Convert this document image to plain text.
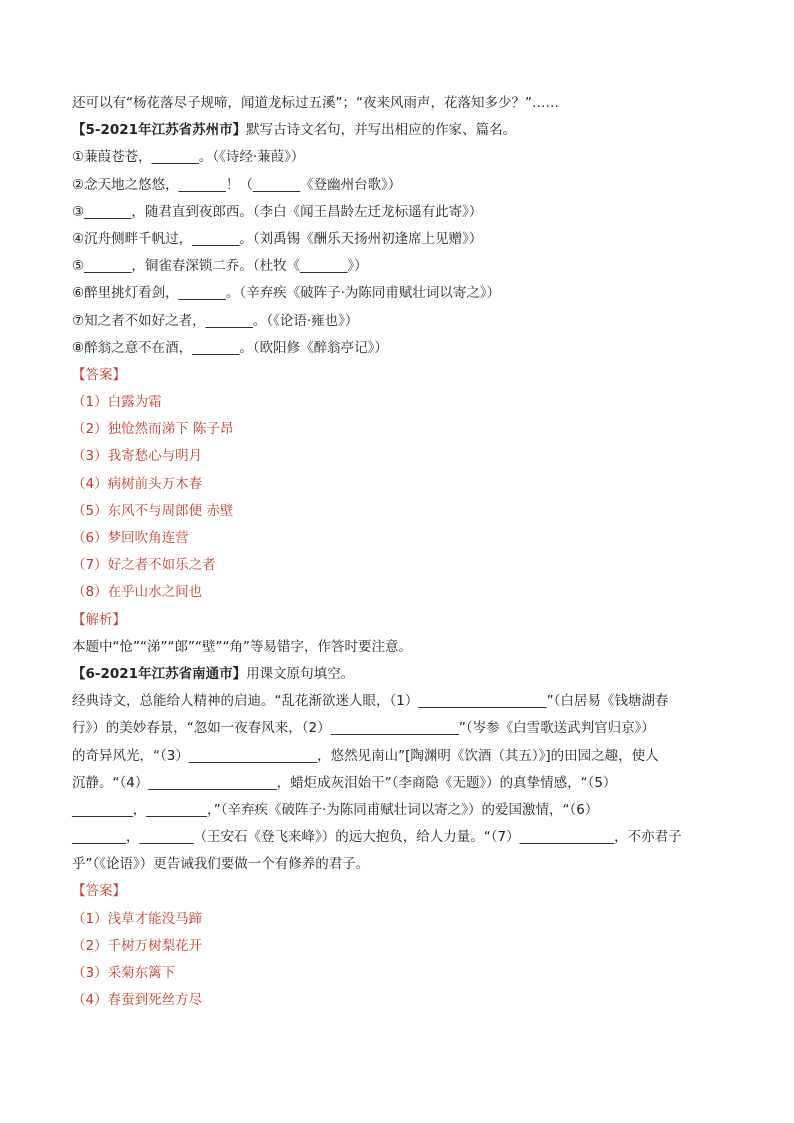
还可以有“杨花落尽子规啼，闻道龙标过五溪”；“夜来风雨声，花落知多少？”……
【5-2021年江苏省苏州市】默写古诗文名句，并写出相应的作家、篇名。
①蒹葭苍苍，_______。（《诗经·蒹葭》）
②念天地之悠悠，_______！（_______《登幽州台歌》）
③_______，随君直到夜郎西。（李白《闻王昌龄左迁龙标遥有此寄》）
④沉舟侧畔千帆过，_______。（刘禹锡《酬乐天扬州初逢席上见赠》）
⑤_______，铜雀春深锁二乔。（杜牧《_______》）
⑥醉里挑灯看剑，_______。（辛弃疾《破阵子·为陈同甫赋壮词以寄之》）
⑦知之者不如好之者，_______。（《论语·雍也》）
⑧醉翁之意不在酒，_______。（欧阳修《醉翁亭记》）
【答案】
（1）白露为霜
（2）独怆然而涕下 陈子昂
（3）我寄愁心与明月
（4）病树前头万木春
（5）东风不与周郎便 赤壁
（6）梦回吹角连营
（7）好之者不如乐之者
（8）在乎山水之间也
【解析】
本题中“怆”“涕”“郎”“壁”“角”等易错字，作答时要注意。
【6-2021年江苏省南通市】用课文原句填空。
经典诗文，总能给人精神的启迪。“乱花渐欲迷人眼，（1）___________________”（白居易《钱塘湖春
行》）的美妙春景，“忽如一夜春风来，（2）___________________”（岑参《白雪歌送武判官归京》）
的奇异风光，“（3）___________________，悠然见南山”[陶渊明《饮酒（其五）》]的田园之趣，使人
沉静。“（4）___________________，蜡炬成灰泪始干”（李商隐《无题》）的真挚情感，“（5）
_________，_________，”（辛弃疾《破阵子·为陈同甫赋壮词以寄之》）的爱国激情，“（6）
________，________（王安石《登飞来峰》）的远大抱负，给人力量。“（7）______________，不亦君子
乎”（《论语》）更告诫我们要做一个有修养的君子。
【答案】
（1）浅草才能没马蹄
（2）千树万树梨花开
（3）采菊东篱下
（4）春蚕到死丝方尽
